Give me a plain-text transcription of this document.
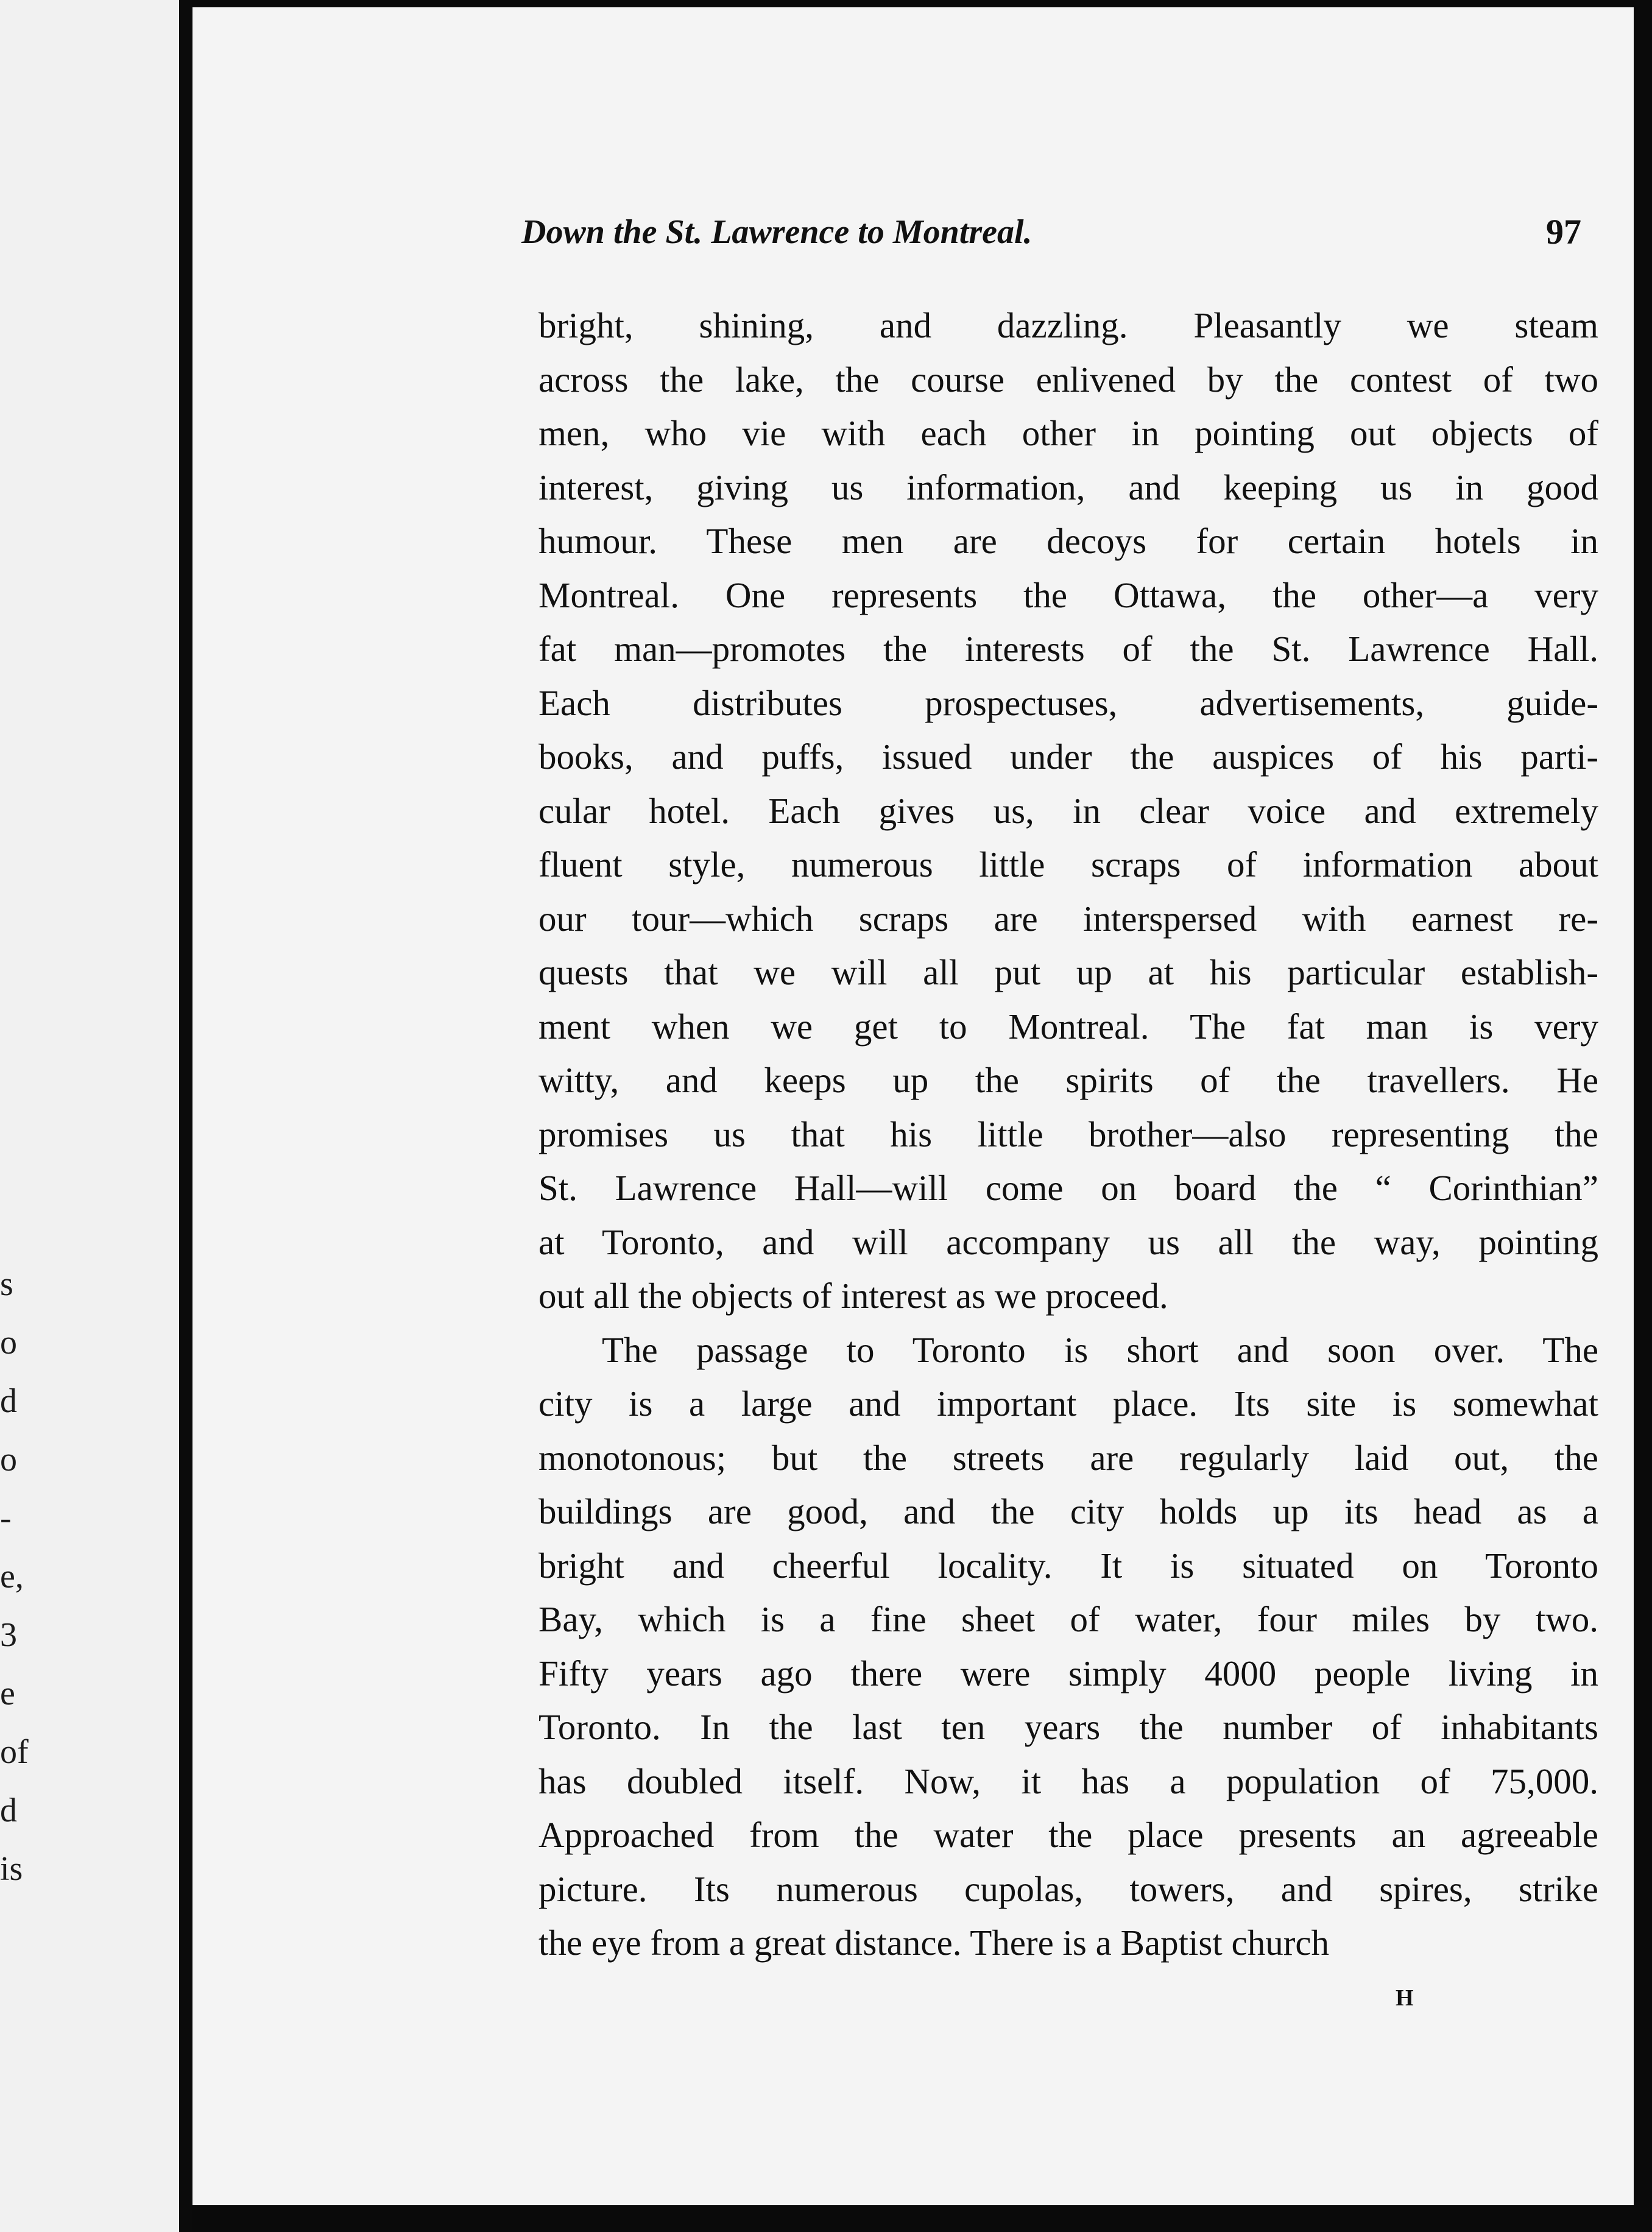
s
o
d
o
-
e,
3
e
of
d
is
Down the St. Lawrence to Montreal.	97
bright, shining, and dazzling. Pleasantly we steam
across the lake, the course enlivened by the contest of two
men, who vie with each other in pointing out objects of
interest, giving us information, and keeping us in good
humour. These men are decoys for certain hotels in
Montreal. One represents the Ottawa, the other—a very
fat man—promotes the interests of the St. Lawrence Hall.
Each distributes prospectuses, advertisements, guide-
books, and puffs, issued under the auspices of his parti-
cular hotel. Each gives us, in clear voice and extremely
fluent style, numerous little scraps of information about
our tour—which scraps are interspersed with earnest re-
quests that we will all put up at his particular establish-
ment when we get to Montreal. The fat man is very
witty, and keeps up the spirits of the travellers. He
promises us that his little brother—also representing the
St. Lawrence Hall—will come on board the “ Corinthian”
at Toronto, and will accompany us all the way, pointing
out all the objects of interest as we proceed.
The passage to Toronto is short and soon over. The
city is a large and important place. Its site is somewhat
monotonous; but the streets are regularly laid out, the
buildings are good, and the city holds up its head as a
bright and cheerful locality. It is situated on Toronto
Bay, which is a fine sheet of water, four miles by two.
Fifty years ago there were simply 4000 people living in
Toronto. In the last ten years the number of inhabitants
has doubled itself. Now, it has a population of 75,000.
Approached from the water the place presents an agreeable
picture. Its numerous cupolas, towers, and spires, strike
the eye from a great distance. There is a Baptist church
H
